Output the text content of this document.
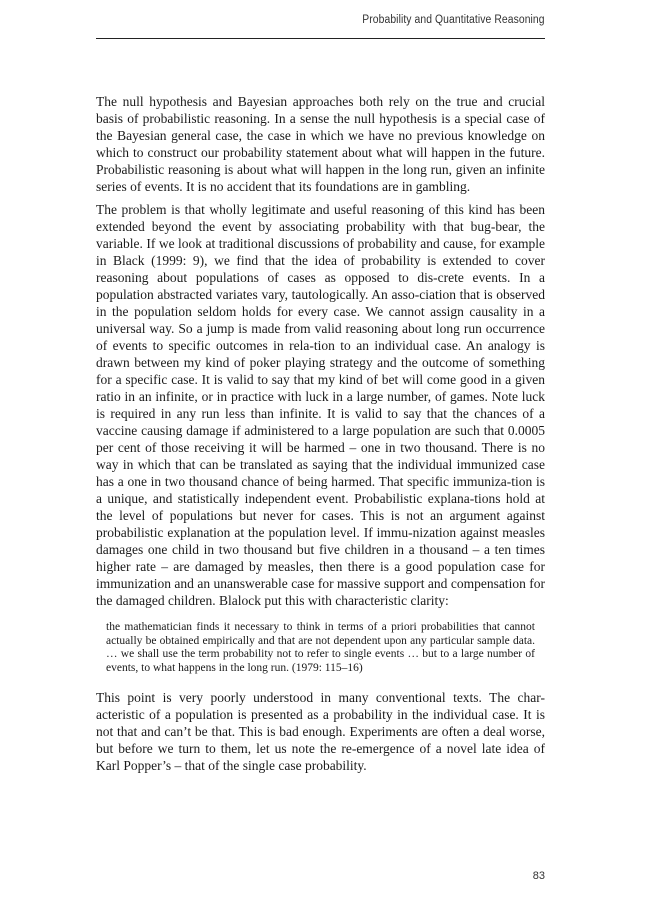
Probability and Quantitative Reasoning

The null hypothesis and Bayesian approaches both rely on the true and crucial basis of probabilistic reasoning. In a sense the null hypothesis is a special case of the Bayesian general case, the case in which we have no previous knowledge on which to construct our probability statement about what will happen in the future. Probabilistic reasoning is about what will happen in the long run, given an infinite series of events. It is no accident that its foundations are in gambling.

The problem is that wholly legitimate and useful reasoning of this kind has been extended beyond the event by associating probability with that bug-bear, the variable. If we look at traditional discussions of probability and cause, for example in Black (1999: 9), we find that the idea of probability is extended to cover reasoning about populations of cases as opposed to dis-crete events. In a population abstracted variates vary, tautologically. An asso-ciation that is observed in the population seldom holds for every case. We cannot assign causality in a universal way. So a jump is made from valid reasoning about long run occurrence of events to specific outcomes in rela-tion to an individual case. An analogy is drawn between my kind of poker playing strategy and the outcome of something for a specific case. It is valid to say that my kind of bet will come good in a given ratio in an infinite, or in practice with luck in a large number, of games. Note luck is required in any run less than infinite. It is valid to say that the chances of a vaccine causing damage if administered to a large population are such that 0.0005 per cent of those receiving it will be harmed – one in two thousand. There is no way in which that can be translated as saying that the individual immunized case has a one in two thousand chance of being harmed. That specific immuniza-tion is a unique, and statistically independent event. Probabilistic explana-tions hold at the level of populations but never for cases. This is not an argument against probabilistic explanation at the population level. If immu-nization against measles damages one child in two thousand but five children in a thousand – a ten times higher rate – are damaged by measles, then there is a good population case for immunization and an unanswerable case for massive support and compensation for the damaged children. Blalock put this with characteristic clarity:

the mathematician finds it necessary to think in terms of a priori probabilities that cannot actually be obtained empirically and that are not dependent upon any particular sample data. … we shall use the term probability not to refer to single events … but to a large number of events, to what happens in the long run. (1979: 115–16)

This point is very poorly understood in many conventional texts. The char-acteristic of a population is presented as a probability in the individual case. It is not that and can’t be that. This is bad enough. Experiments are often a deal worse, but before we turn to them, let us note the re-emergence of a novel late idea of Karl Popper’s – that of the single case probability.

83
